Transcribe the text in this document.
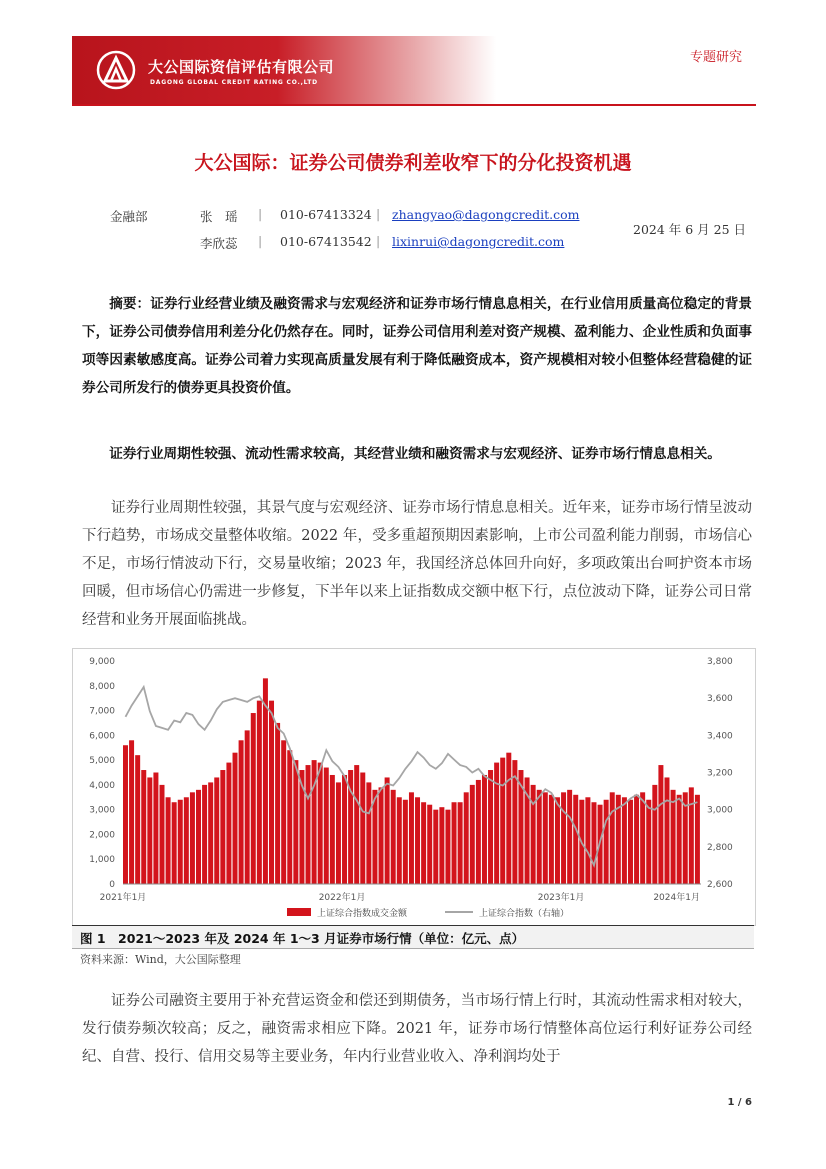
大公国际资信评估有限公司
DAGONG GLOBAL CREDIT RATING CO.,LTD
专题研究
大公国际：证券公司债券利差收窄下的分化投资机遇
金融部	张　瑶 | 010-67413324 | zhangyao@dagongcredit.com
李欣蕊 | 010-67413542 | lixinrui@dagongcredit.com
2024 年 6 月 25 日

摘要：证券行业经营业绩及融资需求与宏观经济和证券市场行情息息相关，在行业信用质量高位稳定的背景下，证券公司债券信用利差分化仍然存在。同时，证券公司信用利差对资产规模、盈利能力、企业性质和负面事项等因素敏感度高。证券公司着力实现高质量发展有利于降低融资成本，资产规模相对较小但整体经营稳健的证券公司所发行的债券更具投资价值。

证券行业周期性较强、流动性需求较高，其经营业绩和融资需求与宏观经济、证券市场行情息息相关。

证券行业周期性较强，其景气度与宏观经济、证券市场行情息息相关。近年来，证券市场行情呈波动下行趋势，市场成交量整体收缩。2022 年，受多重超预期因素影响，上市公司盈利能力削弱，市场信心不足，市场行情波动下行，交易量收缩；2023 年，我国经济总体回升向好，多项政策出台呵护资本市场回暖，但市场信心仍需进一步修复，下半年以来上证指数成交额中枢下行，点位波动下降，证券公司日常经营和业务开展面临挑战。

0
1,000
2,000
3,000
4,000
5,000
6,000
7,000
8,000
9,000
2,600
2,800
3,000
3,200
3,400
3,600
3,800
2021年1月	2022年1月	2023年1月	2024年1月
上证综合指数成交金额	上证综合指数（右轴）
图 1　2021～2023 年及 2024 年 1～3 月证券市场行情（单位：亿元、点）
资料来源：Wind，大公国际整理

证券公司融资主要用于补充营运资金和偿还到期债务，当市场行情上行时，其流动性需求相对较大，发行债券频次较高；反之，融资需求相应下降。2021 年，证券市场行情整体高位运行利好证券公司经纪、自营、投行、信用交易等主要业务，年内行业营业收入、净利润均处于

1 / 6
